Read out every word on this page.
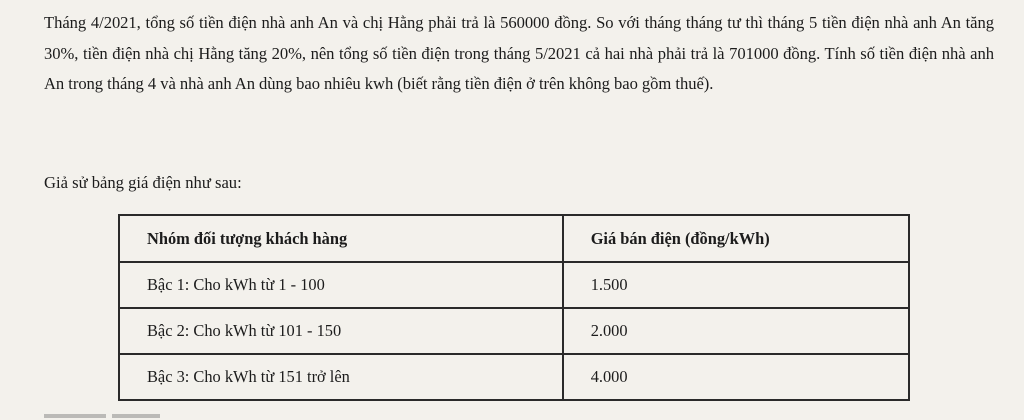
Tháng 4/2021, tổng số tiền điện nhà anh An và chị Hằng phải trả là 560000 đồng. So với tháng tháng tư thì tháng 5 tiền điện nhà anh An tăng 30%, tiền điện nhà chị Hằng tăng 20%, nên tổng số tiền điện trong tháng 5/2021 cả hai nhà phải trả là 701000 đồng. Tính số tiền điện nhà anh An trong tháng 4 và nhà anh An dùng bao nhiêu kwh (biết rằng tiền điện ở trên không bao gồm thuế).

Giả sử bảng giá điện như sau:

Nhóm đối tượng khách hàng	Giá bán điện (đồng/kWh)
Bậc 1: Cho kWh từ 1 - 100	1.500
Bậc 2: Cho kWh từ 101 - 150	2.000
Bậc 3: Cho kWh từ 151 trở lên	4.000
